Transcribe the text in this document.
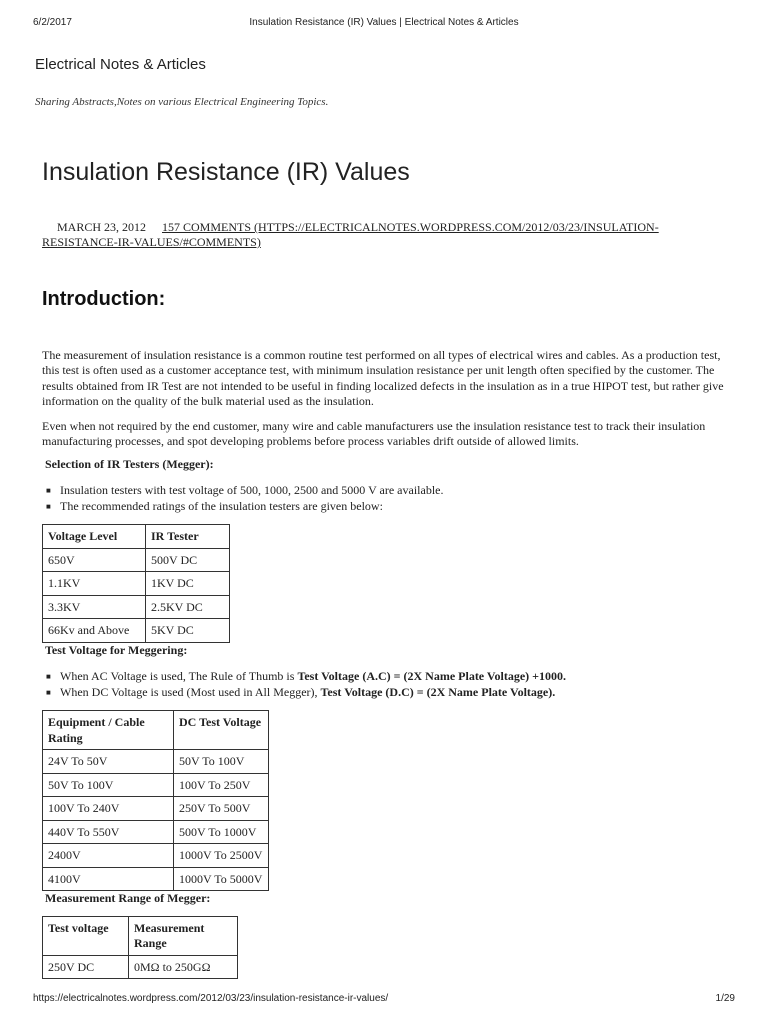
6/2/2017	Insulation Resistance (IR) Values | Electrical Notes & Articles
Electrical Notes & Articles
Sharing Abstracts,Notes on various Electrical Engineering Topics.
Insulation Resistance (IR) Values
MARCH 23, 2012 157 COMMENTS (HTTPS://ELECTRICALNOTES.WORDPRESS.COM/2012/03/23/INSULATION-RESISTANCE-IR-VALUES/#COMMENTS)
Introduction:

The measurement of insulation resistance is a common routine test performed on all types of electrical wires and cables. As a production test, this test is often used as a customer acceptance test, with minimum insulation resistance per unit length often specified by the customer. The results obtained from IR Test are not intended to be useful in finding localized defects in the insulation as in a true HIPOT test, but rather give information on the quality of the bulk material used as the insulation.

Even when not required by the end customer, many wire and cable manufacturers use the insulation resistance test to track their insulation manufacturing processes, and spot developing problems before process variables drift outside of allowed limits.

Selection of IR Testers (Megger):
■ Insulation testers with test voltage of 500, 1000, 2500 and 5000 V are available.
■ The recommended ratings of the insulation testers are given below:
Voltage Level	IR Tester
650V	500V DC
1.1KV	1KV DC
3.3KV	2.5KV DC
66Kv and Above	5KV DC
Test Voltage for Meggering:
■ When AC Voltage is used, The Rule of Thumb is Test Voltage (A.C) = (2X Name Plate Voltage) +1000.
■ When DC Voltage is used (Most used in All Megger), Test Voltage (D.C) = (2X Name Plate Voltage).
Equipment / Cable Rating	DC Test Voltage
24V To 50V	50V To 100V
50V To 100V	100V To 250V
100V To 240V	250V To 500V
440V To 550V	500V To 1000V
2400V	1000V To 2500V
4100V	1000V To 5000V
Measurement Range of Megger:
Test voltage	Measurement Range
250V DC	0MΩ to 250GΩ
https://electricalnotes.wordpress.com/2012/03/23/insulation-resistance-ir-values/	1/29
